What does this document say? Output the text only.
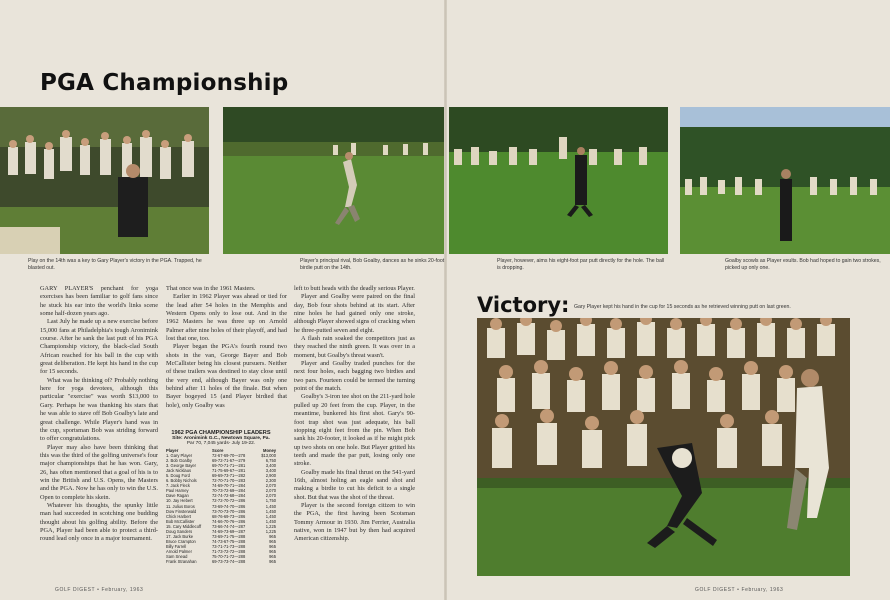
PGA Championship
Play on the 14th was a key to Gary Player's victory in the PGA. Trapped, he blasted out.
Player's principal rival, Bob Goalby, dances as he sinks 20-foot birdie putt on the 14th.
Player, however, aims his eight-foot par putt directly for the hole. The ball is dropping.
Goalby scowls as Player exults. Bob had hoped to gain two strokes, picked up only one.

GARY PLAYER'S penchant for yoga exercises has been familiar to golf fans since he stuck his ear into the world's links scene some half-dozen years ago.

Last July he made up a new exercise before 15,000 fans at Philadelphia's tough Aronimink course. After he sank the last putt of his PGA Championship victory, the black-clad South African reached for his ball in the cup with great deliberation. He kept his hand in the cup for 15 seconds.

What was he thinking of? Probably nothing here for yoga devotees, although this particular "exercise" was worth $13,000 to Gary. Perhaps he was thanking his stars that he was able to stave off Bob Goalby's late and great challenge. While Player's hand was in the cup, sportsman Bob was striding forward to offer congratulations.

Player may also have been thinking that this was the third of the golfing universe's four major championships that he has won. Gary, 26, has often mentioned that a goal of his is to win the British and U.S. Opens, the Masters and the PGA. Now he has only to win the U.S. Open to complete his skein.

Whatever his thoughts, the spunky little man had succeeded in scotching one budding thought about his golfing ability. Before the PGA, Player had been able to protect a third-round lead only once in a major tournament.

That once was in the 1961 Masters.

Earlier in 1962 Player was ahead or tied for the lead after 54 holes in the Memphis and Western Opens only to lose out. And in the 1962 Masters he was three up on Arnold Palmer after nine holes of their playoff, and had lost that one, too.

Player began the PGA's fourth round two shots in the van, George Bayer and Bob McCallister being his closest pursuers. Neither of these trailers was destined to stay close until the very end, although Bayer was only one behind after 11 holes of the finale. But when Bayer bogeyed 15 (and Player birdied that hole), only Goalby was

1962 PGA CHAMPIONSHIP LEADERS
Site: Aronimink G.C., Newtown Square, Pa.
Par 70, 7,045 yards- July 19-22.
Player	Score	Money
1. Gary Player	72-67-69-70—278	$13,000
2. Bob Goalby	69-72-71-67—279	6,750
3. George Bayer	69-70-71-71—281	3,400
Jack Nicklaus	71-75-69-67—281	3,400
5. Doug Ford	69-69-73-71—282	2,900
6. Bobby Nichols	72-70-71-70—283	2,300
7. Jack Fleck	74-69-70-71—284	2,070
Paul Harney	70-73-72-69—284	2,070
Dave Ragan	72-74-72-68—284	2,070
10. Jay Hebert	72-72-70-72—286	1,750
11. Julius Boros	73-69-74-70—286	1,450
Dow Finsterwald	73-70-73-70—286	1,450
Chick Harbert	68-76-69-73—286	1,450
Bob McCallister	74-66-70-76—286	1,450
15. Cary Middlecoff	73-66-74-74—287	1,225
Doug Sanders	74-69-73-69—287	1,225
17. Jack Burke	73-69-71-75—288	965
Bruce Crampton	74-73-67-75—288	965
Billy Farrell	73-71-71-73—288	965
Arnold Palmer	71-73-72-72—288	965
Sam Snead	75-70-71-72—288	965
Frank Stranahan	69-73-73-74—288	965

left to butt heads with the deadly serious Player.

Player and Goalby were paired on the final day, Bob four shots behind at its start. After nine holes he had gained only one stroke, although Player showed signs of cracking when he three-putted seven and eight.

A flash rain soaked the competitors just as they reached the ninth green. It was over in a moment, but Goalby's threat wasn't.

Player and Goalby traded punches for the next four holes, each bagging two birdies and two pars. Fourteen could be termed the turning point of the match.

Goalby's 3-iron tee shot on the 211-yard hole pulled up 20 feet from the cup. Player, in the meantime, bunkered his first shot. Gary's 90-foot trap shot was just adequate, his ball stopping eight feet from the pin. When Bob sank his 20-footer, it looked as if he might pick up two shots on one hole. But Player gritted his teeth and made the par putt, losing only one stroke.

Goalby made his final thrust on the 541-yard 16th, almost holing an eagle sand shot and making a birdie to cut his deficit to a single shot. But that was the shot of the threat.

Player is the second foreign citizen to win the PGA, the first having been Scotsman Tommy Armour in 1930. Jim Ferrier, Australia native, won in 1947 but by then had acquired American citizenship.

Victory: Gary Player kept his hand in the cup for 15 seconds as he retrieved winning putt on last green.
GOLF DIGEST • February, 1963	GOLF DIGEST • February, 1963
